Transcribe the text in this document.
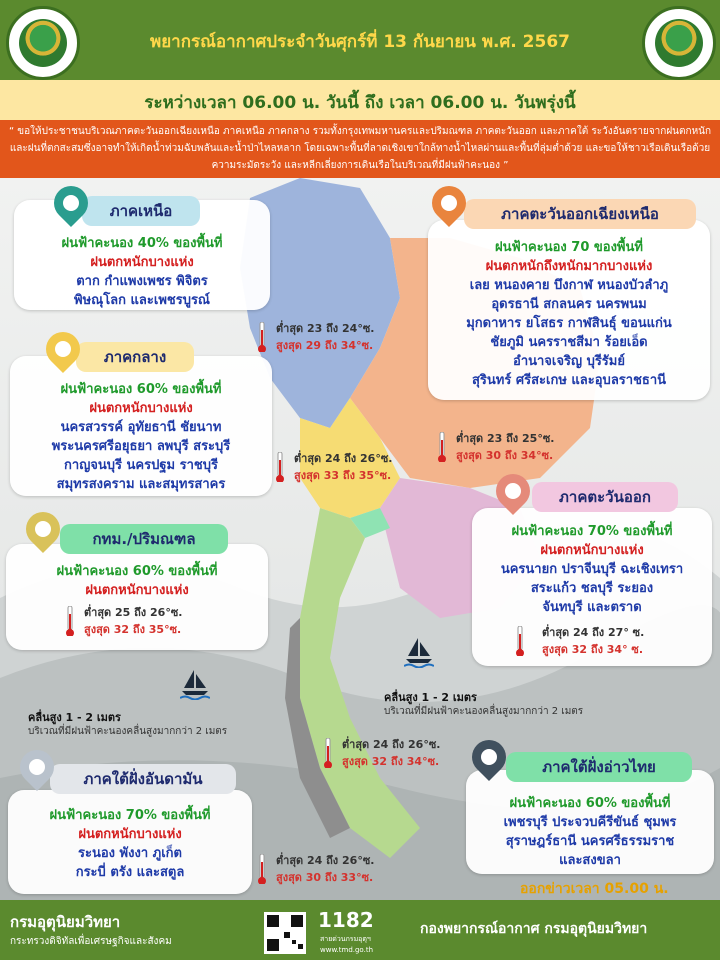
พยากรณ์อากาศประจำวันศุกร์ที่ 13 กันยายน พ.ศ. 2567
ระหว่างเวลา 06.00 น. วันนี้ ถึง เวลา 06.00 น. วันพรุ่งนี้
“ ขอให้ประชาชนบริเวณภาคตะวันออกเฉียงเหนือ ภาคเหนือ ภาคกลาง รวมทั้งกรุงเทพมหานครและปริมณฑล ภาคตะวันออก และภาคใต้ ระวังอันตรายจากฝนตกหนักและฝนที่ตกสะสมซึ่งอาจทำให้เกิดน้ำท่วมฉับพลันและน้ำป่าไหลหลาก โดยเฉพาะพื้นที่ลาดเชิงเขาใกล้ทางน้ำไหลผ่านและพื้นที่ลุ่มต่ำด้วย และขอให้ชาวเรือเดินเรือด้วยความระมัดระวัง และหลีกเลี่ยงการเดินเรือในบริเวณที่มีฝนฟ้าคะนอง ”
ภาคเหนือ
ฝนฟ้าคะนอง 40% ของพื้นที่
ฝนตกหนักบางแห่ง
ตาก กำแพงเพชร พิจิตร
พิษณุโลก และเพชรบูรณ์
ต่ำสุด 23 ถึง 24°ซ.
สูงสุด 29 ถึง 34°ซ.
ภาคตะวันออกเฉียงเหนือ
ฝนฟ้าคะนอง 70 ของพื้นที่
ฝนตกหนักถึงหนักมากบางแห่ง
เลย หนองคาย บึงกาฬ หนองบัวลำภู
อุดรธานี สกลนคร นครพนม
มุกดาหาร ยโสธร กาฬสินธุ์ ขอนแก่น
ชัยภูมิ นครราชสีมา ร้อยเอ็ด
อำนาจเจริญ บุรีรัมย์
สุรินทร์ ศรีสะเกษ และอุบลราชธานี
ต่ำสุด 23 ถึง 25°ซ.
สูงสุด 30 ถึง 34°ซ.
ภาคกลาง
ฝนฟ้าคะนอง 60% ของพื้นที่
ฝนตกหนักบางแห่ง
นครสวรรค์ อุทัยธานี ชัยนาท
พระนครศรีอยุธยา ลพบุรี สระบุรี
กาญจนบุรี นครปฐม ราชบุรี
สมุทรสงคราม และสมุทรสาคร
ต่ำสุด 24 ถึง 26°ซ.
สูงสุด 33 ถึง 35°ซ.
กทม./ปริมณฑล
ฝนฟ้าคะนอง 60% ของพื้นที่
ฝนตกหนักบางแห่ง
ต่ำสุด 25 ถึง 26°ซ.
สูงสุด 32 ถึง 35°ซ.
ภาคตะวันออก
ฝนฟ้าคะนอง 70% ของพื้นที่
ฝนตกหนักบางแห่ง
นครนายก ปราจีนบุรี ฉะเชิงเทรา
สระแก้ว ชลบุรี ระยอง
จันทบุรี และตราด
ต่ำสุด 24 ถึง 27° ซ.
สูงสุด 32 ถึง 34° ซ.
คลื่นสูง 1 - 2 เมตร
บริเวณที่มีฝนฟ้าคะนองคลื่นสูงมากกว่า 2 เมตร
คลื่นสูง 1 - 2 เมตร
บริเวณที่มีฝนฟ้าคะนองคลื่นสูงมากกว่า 2 เมตร
ต่ำสุด 24 ถึง 26°ซ.
สูงสุด 32 ถึง 34°ซ.
ภาคใต้ฝั่งอันดามัน
ฝนฟ้าคะนอง 70% ของพื้นที่
ฝนตกหนักบางแห่ง
ระนอง พังงา ภูเก็ต
กระบี่ ตรัง และสตูล
ต่ำสุด 24 ถึง 26°ซ.
สูงสุด 30 ถึง 33°ซ.
ภาคใต้ฝั่งอ่าวไทย
ฝนฟ้าคะนอง 60% ของพื้นที่
เพชรบุรี ประจวบคีรีขันธ์ ชุมพร
สุราษฎร์ธานี นครศรีธรรมราช
และสงขลา
ออกข่าวเวลา 05.00 น.
กรมอุตุนิยมวิทยา
กระทรวงดิจิทัลเพื่อเศรษฐกิจและสังคม
1182
สายด่วนกรมอุตุฯ
www.tmd.go.th
กองพยากรณ์อากาศ กรมอุตุนิยมวิทยา
